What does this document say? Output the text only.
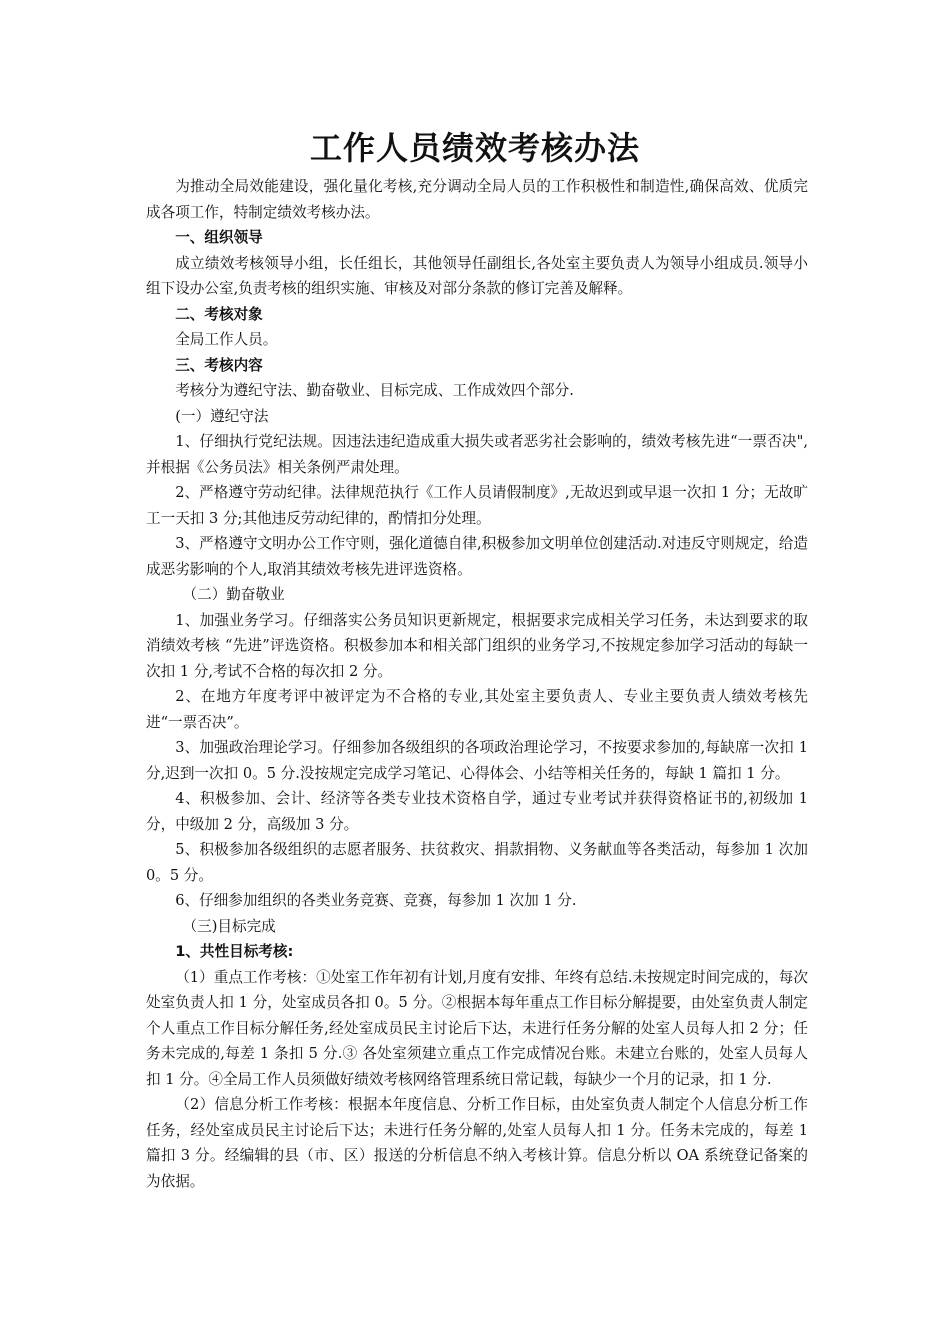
工作人员绩效考核办法

为推动全局效能建设，强化量化考核,充分调动全局人员的工作积极性和制造性,确保高效、优质完成各项工作，特制定绩效考核办法。

一、组织领导

成立绩效考核领导小组，长任组长，其他领导任副组长,各处室主要负责人为领导小组成员.领导小组下设办公室,负责考核的组织实施、审核及对部分条款的修订完善及解释。

二、考核对象

全局工作人员。

三、考核内容

考核分为遵纪守法、勤奋敬业、目标完成、工作成效四个部分.

(一）遵纪守法

1、仔细执行党纪法规。因违法违纪造成重大损失或者恶劣社会影响的，绩效考核先进“一票否决",并根据《公务员法》相关条例严肃处理。

2、严格遵守劳动纪律。法律规范执行《工作人员请假制度》,无故迟到或早退一次扣 1 分；无故旷工一天扣 3 分;其他违反劳动纪律的，酌情扣分处理。

3、严格遵守文明办公工作守则，强化道德自律,积极参加文明单位创建活动.对违反守则规定，给造成恶劣影响的个人,取消其绩效考核先进评选资格。

（二）勤奋敬业

1、加强业务学习。仔细落实公务员知识更新规定，根据要求完成相关学习任务，未达到要求的取消绩效考核 “先进”评选资格。积极参加本和相关部门组织的业务学习,不按规定参加学习活动的每缺一次扣 1 分,考试不合格的每次扣 2 分。

2、在地方年度考评中被评定为不合格的专业,其处室主要负责人、专业主要负责人绩效考核先进“一票否决”。

3、加强政治理论学习。仔细参加各级组织的各项政治理论学习，不按要求参加的,每缺席一次扣 1 分,迟到一次扣 0。5 分.没按规定完成学习笔记、心得体会、小结等相关任务的，每缺 1 篇扣 1 分。

4、积极参加、会计、经济等各类专业技术资格自学，通过专业考试并获得资格证书的,初级加 1 分，中级加 2 分，高级加 3 分。

5、积极参加各级组织的志愿者服务、扶贫救灾、捐款捐物、义务献血等各类活动，每参加 1 次加 0。5 分。

6、仔细参加组织的各类业务竞赛、竞赛，每参加 1 次加 1 分.

（三)目标完成

1、共性目标考核:

（1）重点工作考核：①处室工作年初有计划,月度有安排、年终有总结.未按规定时间完成的，每次处室负责人扣 1 分，处室成员各扣 0。5 分。②根据本每年重点工作目标分解提要，由处室负责人制定个人重点工作目标分解任务,经处室成员民主讨论后下达，未进行任务分解的处室人员每人扣 2 分；任务未完成的,每差 1 条扣 5 分.③ 各处室须建立重点工作完成情况台账。未建立台账的，处室人员每人扣 1 分。④全局工作人员须做好绩效考核网络管理系统日常记载，每缺少一个月的记录，扣 1 分.

（2）信息分析工作考核：根据本年度信息、分析工作目标，由处室负责人制定个人信息分析工作任务，经处室成员民主讨论后下达；未进行任务分解的,处室人员每人扣 1 分。任务未完成的，每差 1 篇扣 3 分。经编辑的县（市、区）报送的分析信息不纳入考核计算。信息分析以 OA 系统登记备案的为依据。
